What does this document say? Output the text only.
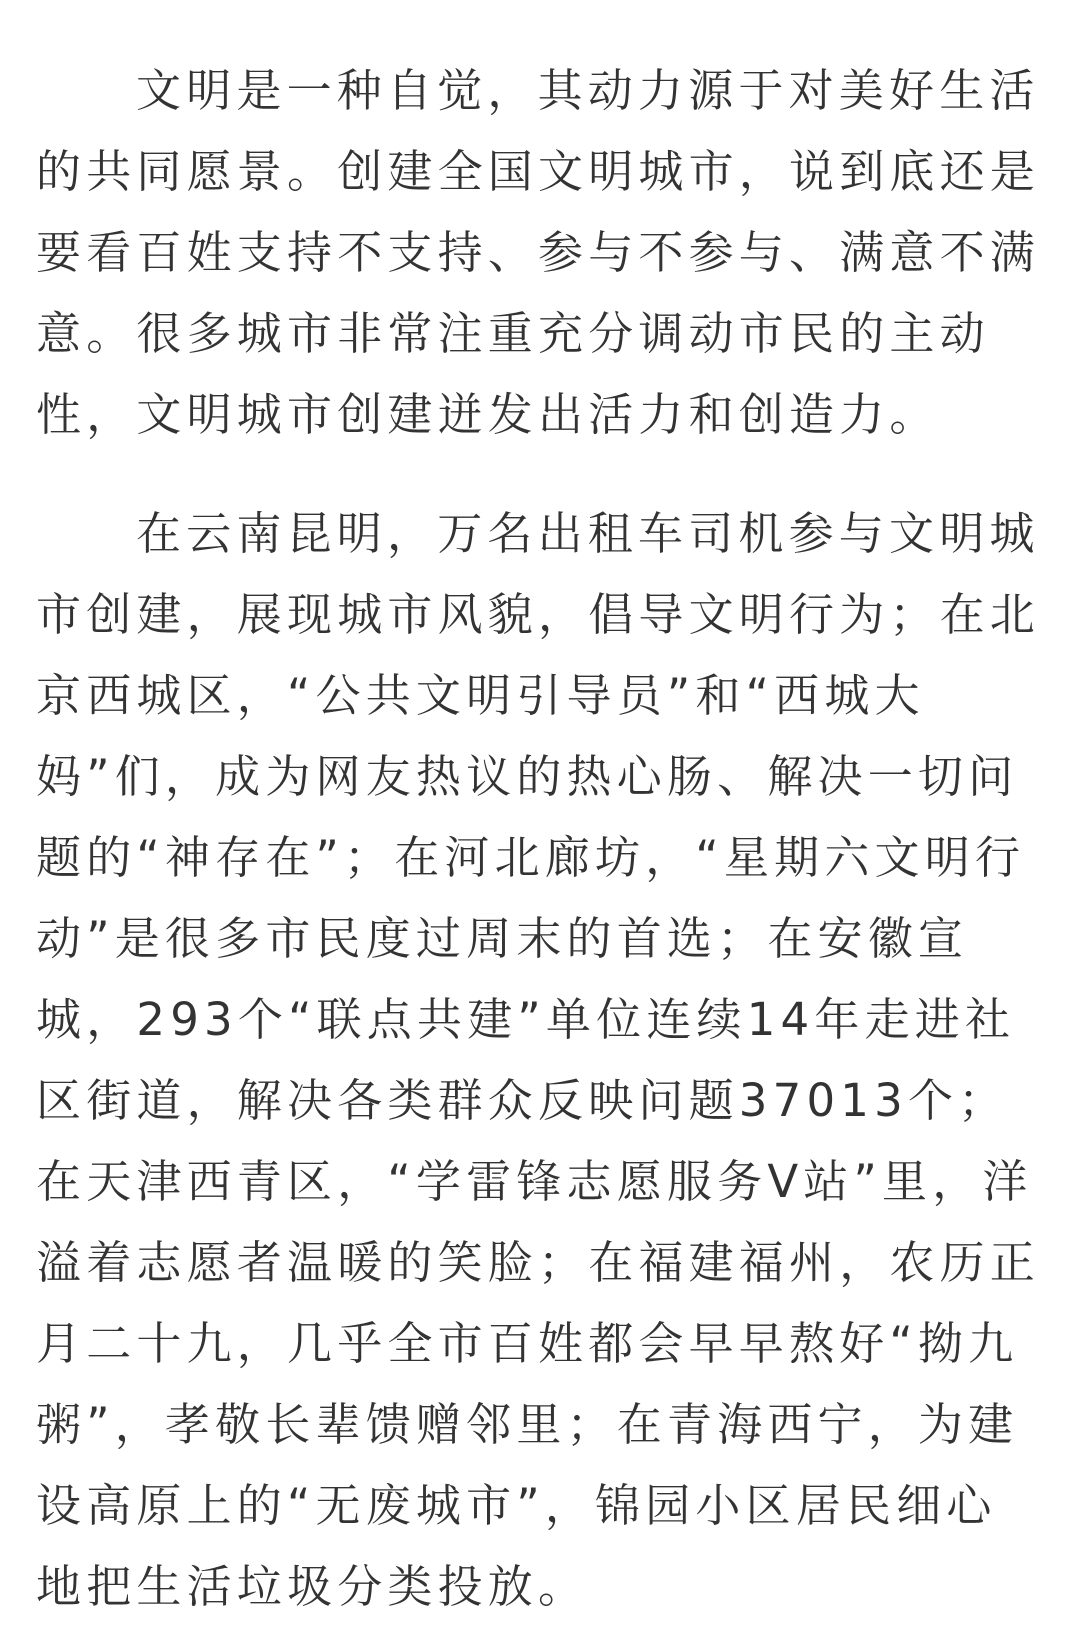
文明是一种自觉，其动力源于对美好生活的共同愿景。创建全国文明城市，说到底还是要看百姓支持不支持、参与不参与、满意不满意。很多城市非常注重充分调动市民的主动性，文明城市创建迸发出活力和创造力。

在云南昆明，万名出租车司机参与文明城市创建，展现城市风貌，倡导文明行为；在北京西城区，“公共文明引导员”和“西城大妈”们，成为网友热议的热心肠、解决一切问题的“神存在”；在河北廊坊，“星期六文明行动”是很多市民度过周末的首选；在安徽宣城，293个“联点共建”单位连续14年走进社区街道，解决各类群众反映问题37013个；在天津西青区，“学雷锋志愿服务V站”里，洋溢着志愿者温暖的笑脸；在福建福州，农历正月二十九，几乎全市百姓都会早早熬好“拗九粥”，孝敬长辈馈赠邻里；在青海西宁，为建设高原上的“无废城市”，锦园小区居民细心地把生活垃圾分类投放。
